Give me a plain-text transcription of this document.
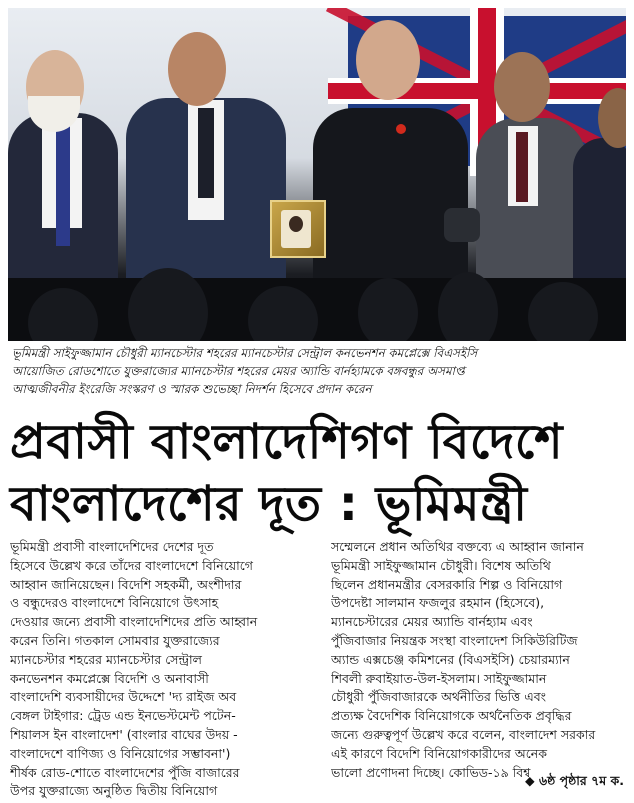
ভূমিমন্ত্রী সাইফুজ্জামান চৌধুরী ম্যানচেস্টার শহরের ম্যানচেস্টার সেন্ট্রাল কনভেনশন কমপ্লেক্সে বিএসইসি
আয়োজিত রোডশোতে যুক্তরাজ্যের ম্যানচেস্টার শহরের মেয়র অ্যান্ডি বার্নহ্যামকে বঙ্গবন্ধুর অসমাপ্ত
আত্মজীবনীর ইংরেজি সংস্করণ ও স্মারক শুভেচ্ছা নিদর্শন হিসেবে প্রদান করেন

প্রবাসী বাংলাদেশিগণ বিদেশে
বাংলাদেশের দূত : ভূমিমন্ত্রী
ভূমিমন্ত্রী প্রবাসী বাংলাদেশিদের দেশের দূত
হিসেবে উল্লেখ করে তাঁদের বাংলাদেশে বিনিয়োগে
আহ্বান জানিয়েছেন। বিদেশি সহকর্মী, অংশীদার
ও বন্ধুদেরও বাংলাদেশে বিনিয়োগে উৎসাহ
দেওয়ার জন্যে প্রবাসী বাংলাদেশিদের প্রতি আহ্বান
করেন তিনি। গতকাল সোমবার যুক্তরাজ্যের
ম্যানচেস্টার শহরের ম্যানচেস্টার সেন্ট্রাল
কনভেনশন কমপ্লেক্সে বিদেশি ও অনাবাসী
বাংলাদেশি ব্যবসায়ীদের উদ্দেশে 'দ্য রাইজ অব
বেঙ্গল টাইগার: ট্রেড এন্ড ইনভেস্টমেন্ট পটেন-
শিয়ালস ইন বাংলাদেশ' (বাংলার বাঘের উদয় -
বাংলাদেশে বাণিজ্য ও বিনিয়োগের সম্ভাবনা')
শীর্ষক রোড-শোতে বাংলাদেশের পুঁজি বাজারের
উপর যুক্তরাজ্যে অনুষ্ঠিত দ্বিতীয় বিনিয়োগ
সম্মেলনে প্রধান অতিথির বক্তব্যে এ আহ্বান জানান
ভূমিমন্ত্রী সাইফুজ্জামান চৌধুরী। বিশেষ অতিথি
ছিলেন প্রধানমন্ত্রীর বেসরকারি শিল্প ও বিনিয়োগ
উপদেষ্টা সালমান ফজলুর রহমান (হিসেবে),
ম্যানচেস্টারের মেয়র অ্যান্ডি বার্নহ্যাম এবং
পুঁজিবাজার নিয়ন্ত্রক সংস্থা বাংলাদেশ সিকিউরিটিজ
অ্যান্ড এক্সচেঞ্জ কমিশনের (বিএসইসি) চেয়ারম্যান
শিবলী রুবাইয়াত-উল-ইসলাম। সাইফুজ্জামান
চৌধুরী পুঁজিবাজারকে অর্থনীতির ভিত্তি এবং
প্রত্যক্ষ বৈদেশিক বিনিয়োগকে অর্থনৈতিক প্রবৃদ্ধির
জন্যে গুরুত্বপূর্ণ উল্লেখ করে বলেন, বাংলাদেশ সরকার
এই কারণে বিদেশি বিনিয়োগকারীদের অনেক
ভালো প্রণোদনা দিচ্ছে। কোভিড-১৯ বিশ্ব
◆ ৬ষ্ঠ পৃষ্ঠার ৭ম ক.
